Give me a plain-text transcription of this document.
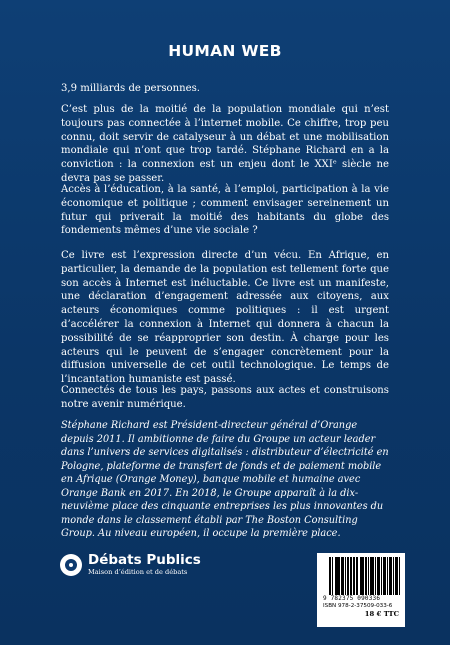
HUMAN WEB

3,9 milliards de personnes.

C’est plus de la moitié de la population mondiale qui n’est toujours pas connectée à l’internet mobile. Ce chiffre, trop peu connu, doit servir de catalyseur à un débat et une mobilisation mondiale qui n’ont que trop tardé. Stéphane Richard en a la conviction : la connexion est un enjeu dont le XXIᵉ siècle ne devra pas se passer.

Accès à l’éducation, à la santé, à l’emploi, participation à la vie économique et politique ; comment envisager sereinement un futur qui priverait la moitié des habitants du globe des fondements mêmes d’une vie sociale ?

Ce livre est l’expression directe d’un vécu. En Afrique, en particulier, la demande de la population est tellement forte que son accès à Internet est inéluctable. Ce livre est un manifeste, une déclaration d’engagement adressée aux citoyens, aux acteurs économiques comme politiques : il est urgent d’accélérer la connexion à Internet qui donnera à chacun la possibilité de se réapproprier son destin. À charge pour les acteurs qui le peuvent de s’engager concrètement pour la diffusion universelle de cet outil technologique. Le temps de l’incantation humaniste est passé.

Connectés de tous les pays, passons aux actes et construisons notre avenir numérique.

Stéphane Richard est Président-directeur général d’Orange depuis 2011. Il ambitionne de faire du Groupe un acteur leader dans l’univers de services digitalisés : distributeur d’électricité en Pologne, plateforme de transfert de fonds et de paiement mobile en Afrique (Orange Money), banque mobile et humaine avec Orange Bank en 2017. En 2018, le Groupe apparaît à la dix-neuvième place des cinquante entreprises les plus innovantes du monde dans le classement établi par The Boston Consulting Group. Au niveau européen, il occupe la première place.

Débats Publics
Maison d’édition et de débats
9 782375 090336
ISBN 978-2-37509-033-6
18 € TTC
